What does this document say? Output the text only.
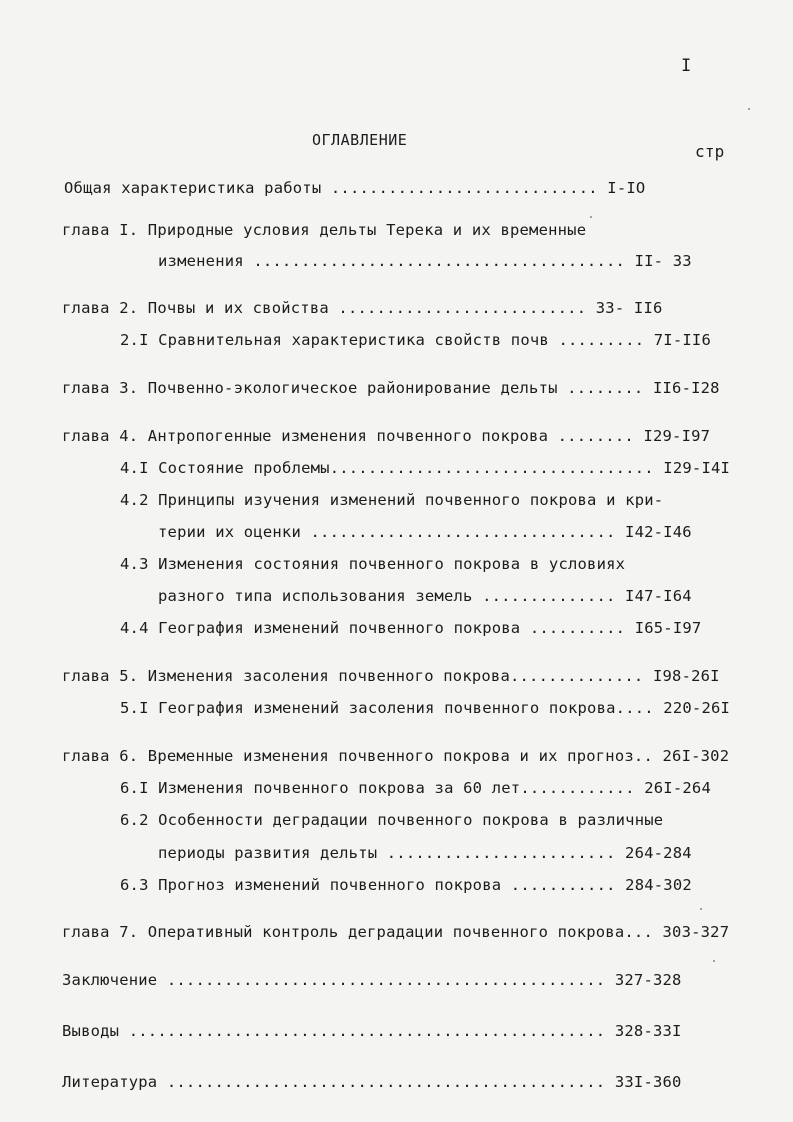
I
ОГЛАВЛЕНИЕ
стр
Общая характеристика работы ............................ I-IO
глава I. Природные условия дельты Терека и их временные
изменения ....................................... II- 33
глава 2. Почвы и их свойства .......................... 33- II6
2.I Сравнительная характеристика свойств почв ......... 7I-II6
глава 3. Почвенно-экологическое районирование дельты ........ II6-I28
глава 4. Антропогенные изменения почвенного покрова ........ I29-I97
4.I Состояние проблемы.................................. I29-I4I
4.2 Принципы изучения изменений почвенного покрова и кри-
терии их оценки ................................ I42-I46
4.3 Изменения состояния почвенного покрова в условиях
разного типа использования земель .............. I47-I64
4.4 География изменений почвенного покрова .......... I65-I97
глава 5. Изменения засоления почвенного покрова.............. I98-26I
5.I География изменений засоления почвенного покрова.... 220-26I
глава 6. Временные изменения почвенного покрова и их прогноз.. 26I-302
6.I Изменения почвенного покрова за 60 лет............ 26I-264
6.2 Особенности деградации почвенного покрова в различные
периоды развития дельты ........................ 264-284
6.3 Прогноз изменений почвенного покрова ........... 284-302
глава 7. Оперативный контроль деградации почвенного покрова... 303-327
Заключение .............................................. 327-328
Выводы .................................................. 328-33I
Литература .............................................. 33I-360
